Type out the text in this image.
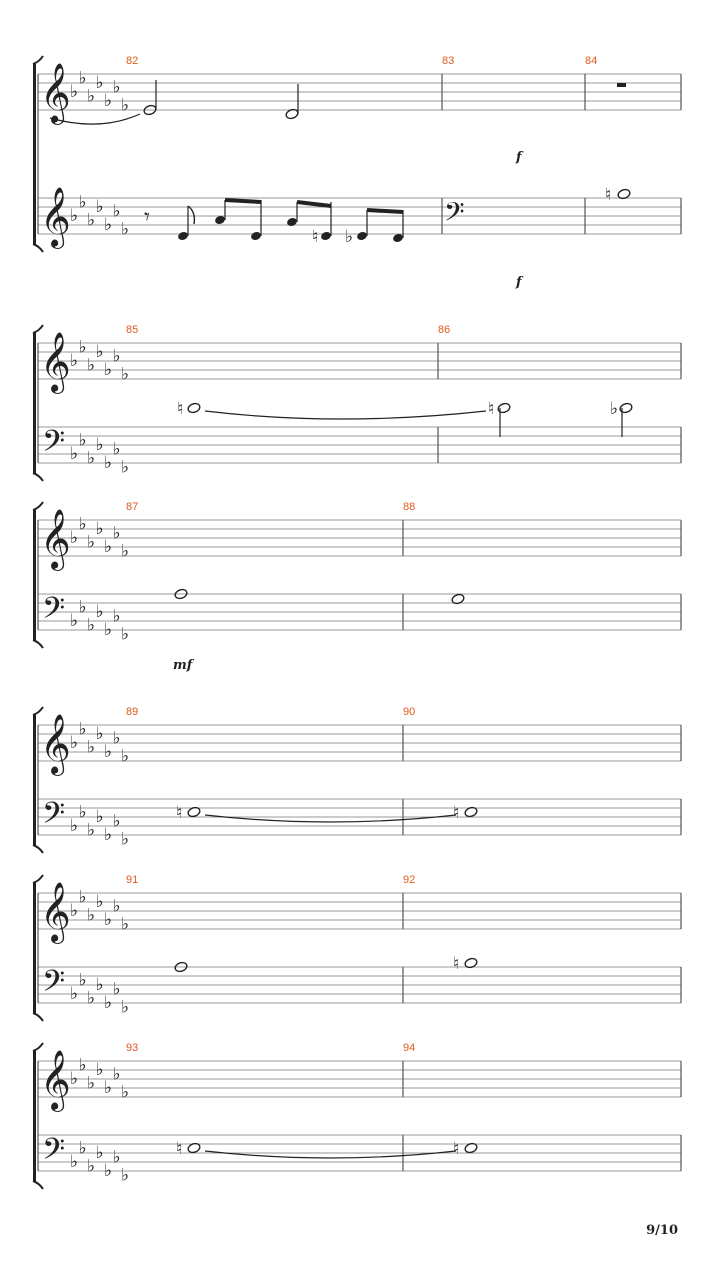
𝄞 ♭
♭
♭
♭
♭
♭
♭
𝄞 ♭
♭
♭
♭
♭
♭
♭
82	83	84
f
f
𝄾
♮ ♭
𝄢
♮
𝄞 ♭
♭
♭
♭
♭
♭
♭
𝄢 ♭
♭
♭
♭
♭
♭
♭
85	86
♮	♮	♭
𝄞 ♭
♭
♭
♭
♭
♭
♭
𝄢 ♭
♭
♭
♭
♭
♭
♭
87	88
mf
𝄞 ♭
♭
♭
♭
♭
♭
♭
𝄢 ♭
♭
♭
♭
♭
♭
♭
89	90
♮	♮
𝄞 ♭
♭
♭
♭
♭
♭
♭
𝄢 ♭
♭
♭
♭
♭
♭
♭
91	92
♮
𝄞 ♭
♭
♭
♭
♭
♭
♭
𝄢 ♭
♭
♭
♭
♭
♭
♭
93	94
♮	♮
9/10
